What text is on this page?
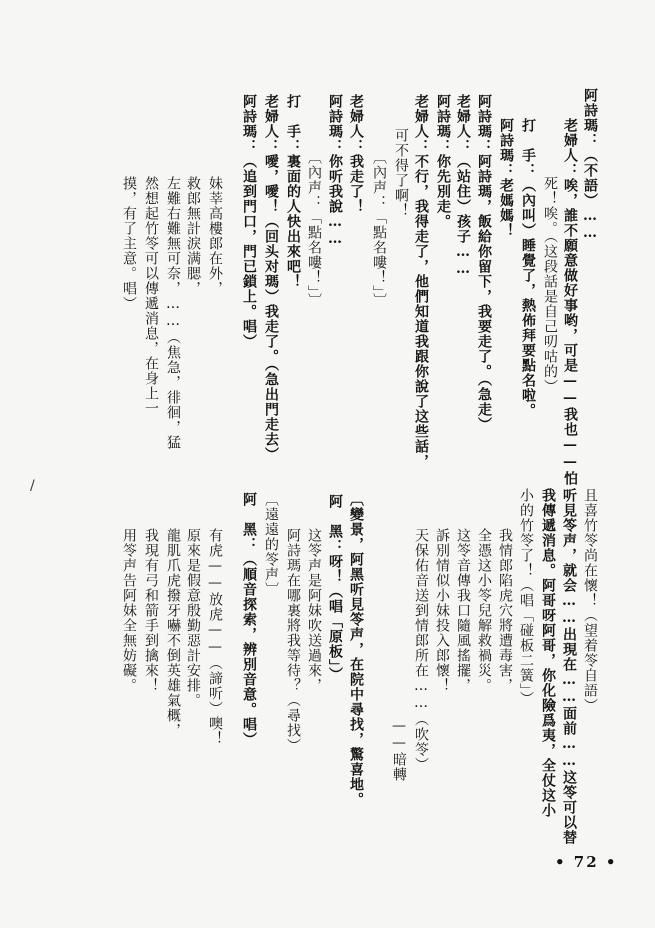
阿詩瑪：（不語）……
老婦人：唉，誰不願意做好事哟，可是——我也——怕
死！唉。（这段話是自己叨咕的）
打　手：（內叫）睡覺了，熱佈拜要點名啦。
阿詩瑪：老媽媽！
阿詩瑪：阿詩瑪，飯給你留下，我要走了。（急走）
老婦人：（站住）孩子……
阿詩瑪：你先別走。
老婦人：不行，我得走了，他們知道我跟你說了这些話，
可不得了啊！
〔內声：「點名嘍！」〕
老婦人：我走了！
阿詩瑪：你听我說……
〔內声：「點名嘍！」〕
打　手：裏面的人快出來吧！
老婦人：噯，噯！（回头对瑪）我走了。（急出門走去）
阿詩瑪：（追到門口，門已鎖上。唱）
妹莘高樓郎在外，
救郎無計淚满腮，
左難右難無可奈，……（焦急，徘徊，猛
然想起竹笭可以傳遞消息，在身上一
摸，有了主意。唱）
且喜竹笭尚在懷！（望着笭自語）
听見笭声，就会……出現在……面前……这笭可以替
我傳遞消息。阿哥呀阿哥，你化險爲夷，全仗这小
小的竹笭了！（唱「碰板二簧」）
我情郎陷虎穴將遭毒害，
全憑这小笭兒解救禍災。
这笭音傳我口隨風搖擺，
訴別情似小妹投入郎懷！
天保佑音送到情郎所在……（吹笭）
——暗轉
〔變景，阿黑听見笭声，在院中尋找，驚喜地。
阿　黑：呀！（唱「原板」）
这笭声是阿妹吹送過來，
阿詩瑪在哪裏將我等待？（尋找）
〔遠遠的笭声〕
阿　黑：（順音探索，辨別音意。唱）
有虎——放虎——（諦听）噢！
原來是假意殷勤惡計安排。
龍肌爪虎撥牙嚇不倒英雄氣概，
我現有弓和箭手到擒來！
用笭声告阿妹全無妨礙。
/
• 72 •
